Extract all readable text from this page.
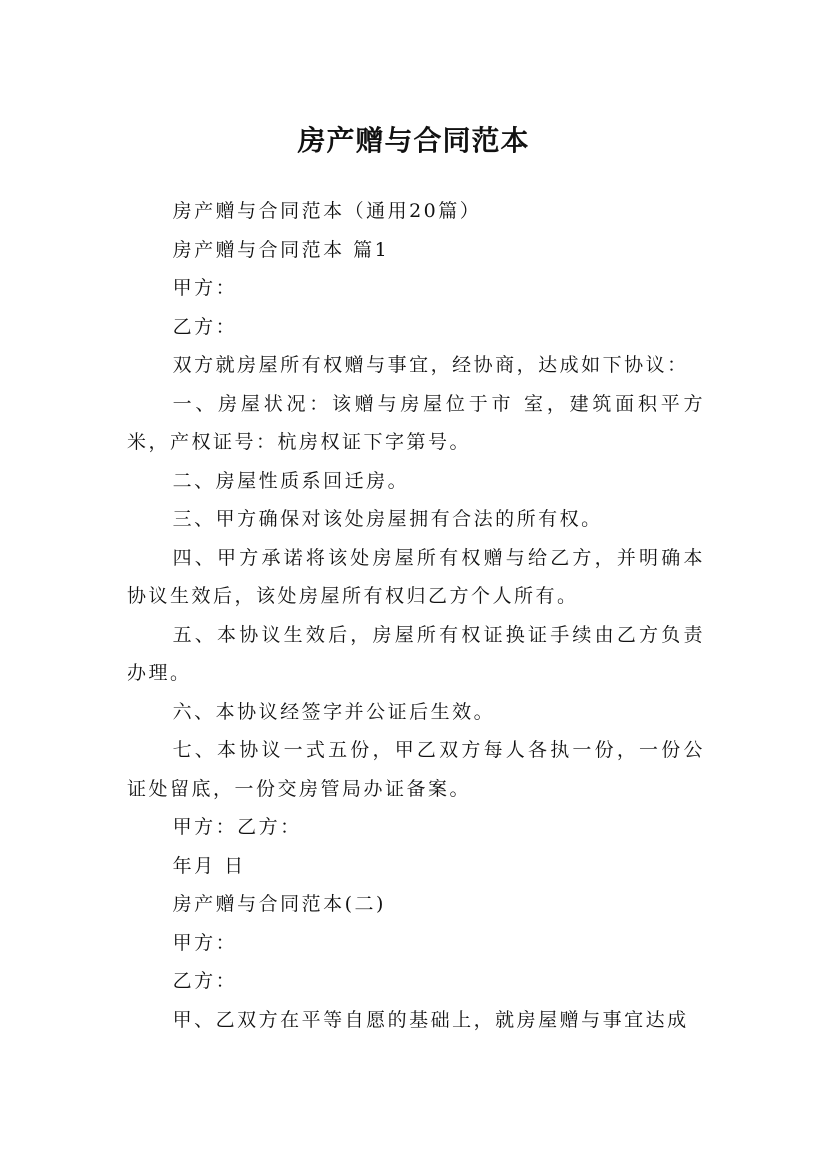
房产赠与合同范本

房产赠与合同范本（通用20篇）

房产赠与合同范本 篇1

甲方：

乙方：

双方就房屋所有权赠与事宜，经协商，达成如下协议：

一、房屋状况：该赠与房屋位于市 室，建筑面积平方米，产权证号：杭房权证下字第号。

二、房屋性质系回迁房。

三、甲方确保对该处房屋拥有合法的所有权。

四、甲方承诺将该处房屋所有权赠与给乙方，并明确本协议生效后，该处房屋所有权归乙方个人所有。

五、本协议生效后，房屋所有权证换证手续由乙方负责办理。

六、本协议经签字并公证后生效。

七、本协议一式五份，甲乙双方每人各执一份，一份公证处留底，一份交房管局办证备案。

甲方：乙方：

年月 日

房产赠与合同范本(二)

甲方：

乙方：

甲、乙双方在平等自愿的基础上，就房屋赠与事宜达成
